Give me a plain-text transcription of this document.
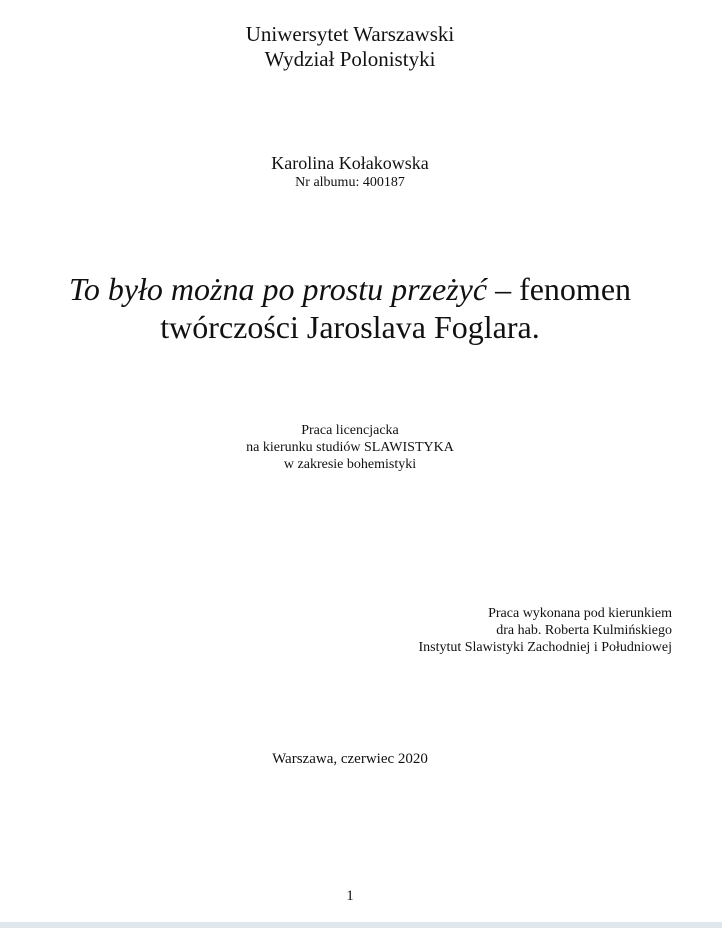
Uniwersytet Warszawski
Wydział Polonistyki
Karolina Kołakowska
Nr albumu: 400187
To było można po prostu przeżyć – fenomen
twórczości Jaroslava Foglara.
Praca licencjacka
na kierunku studiów SLAWISTYKA
w zakresie bohemistyki
Praca wykonana pod kierunkiem
dra hab. Roberta Kulmińskiego
Instytut Slawistyki Zachodniej i Południowej
Warszawa, czerwiec 2020
1
